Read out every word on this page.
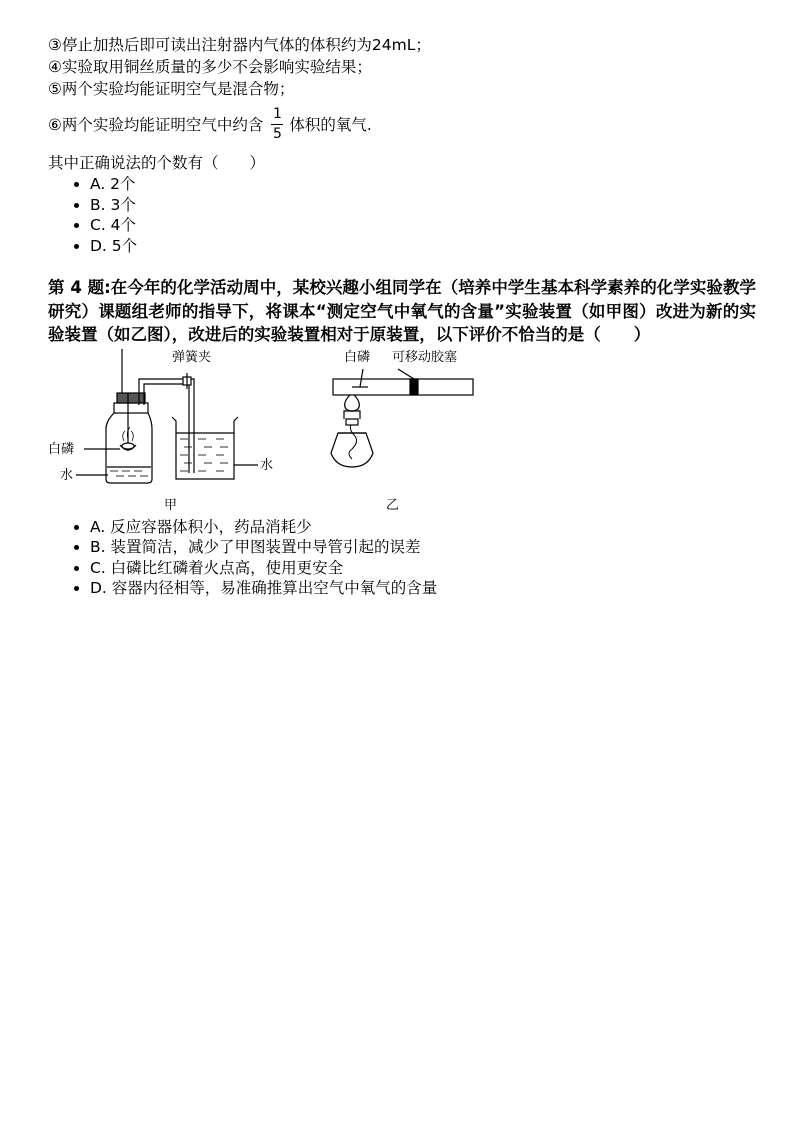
③停止加热后即可读出注射器内气体的体积约为24mL；
④实验取用铜丝质量的多少不会影响实验结果；
⑤两个实验均能证明空气是混合物；
⑥两个实验均能证明空气中约含 $\frac{1}{5}$ 体积的氧气.
其中正确说法的个数有（　　）
• A. 2个
• B. 3个
• C. 4个
• D. 5个
第 4 题:在今年的化学活动周中，某校兴趣小组同学在（培养中学生基本科学素养的化学实验教学研究）课题组老师的指导下，将课本“测定空气中氧气的含量”实验装置（如甲图）改进为新的实验装置（如乙图），改进后的实验装置相对于原装置，以下评价不恰当的是（　　）
弹簧夹
白磷
水
水
甲
白磷 可移动胶塞
乙
• A. 反应容器体积小，药品消耗少
• B. 装置简洁，减少了甲图装置中导管引起的误差
• C. 白磷比红磷着火点高，使用更安全
• D. 容器内径相等，易准确推算出空气中氧气的含量
